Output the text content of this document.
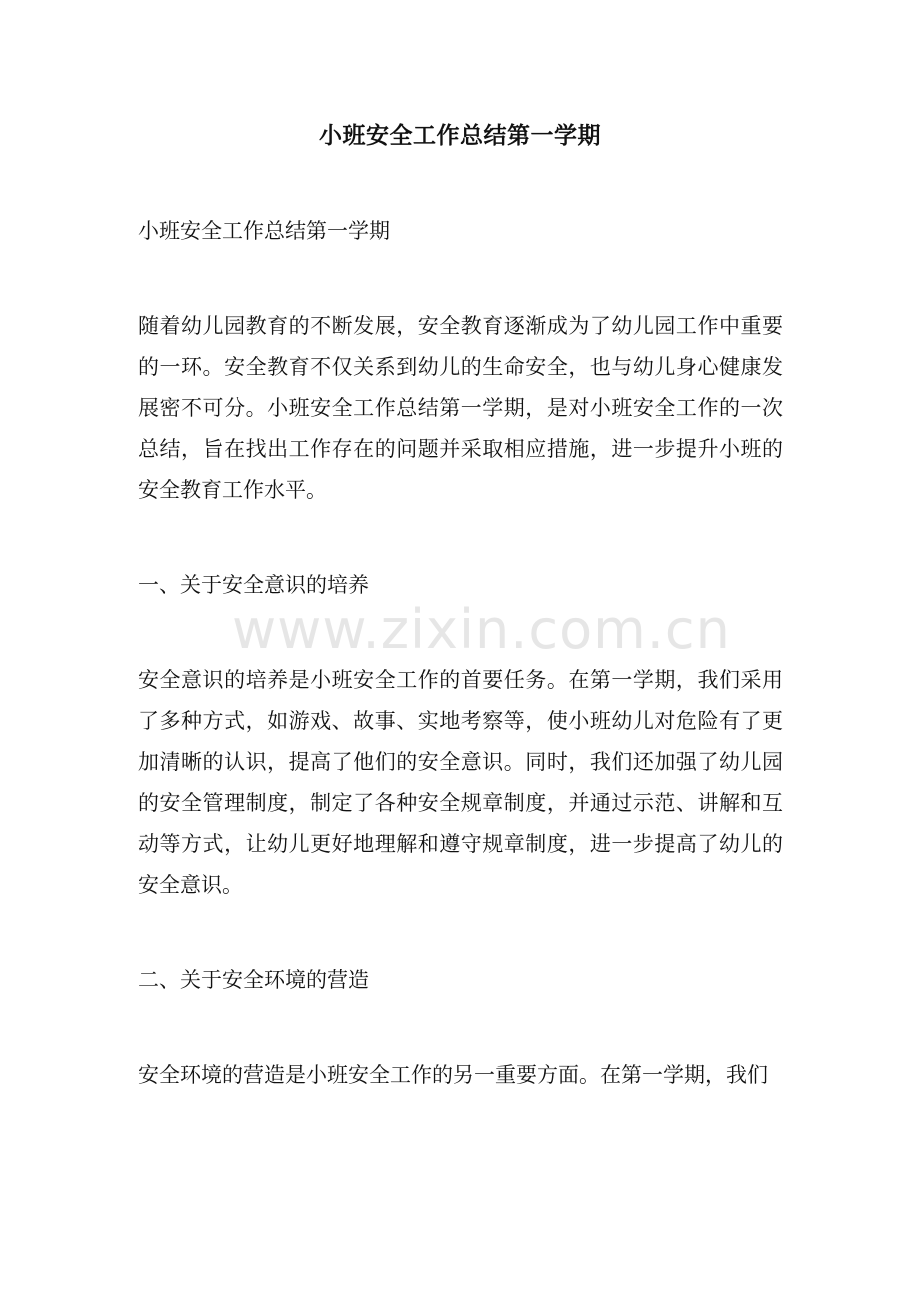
www.zixin.com.cn
小班安全工作总结第一学期

小班安全工作总结第一学期

随着幼儿园教育的不断发展，安全教育逐渐成为了幼儿园工作中重要的一环。安全教育不仅关系到幼儿的生命安全，也与幼儿身心健康发展密不可分。小班安全工作总结第一学期，是对小班安全工作的一次总结，旨在找出工作存在的问题并采取相应措施，进一步提升小班的安全教育工作水平。

一、关于安全意识的培养

安全意识的培养是小班安全工作的首要任务。在第一学期，我们采用了多种方式，如游戏、故事、实地考察等，使小班幼儿对危险有了更加清晰的认识，提高了他们的安全意识。同时，我们还加强了幼儿园的安全管理制度，制定了各种安全规章制度，并通过示范、讲解和互动等方式，让幼儿更好地理解和遵守规章制度，进一步提高了幼儿的安全意识。

二、关于安全环境的营造

安全环境的营造是小班安全工作的另一重要方面。在第一学期，我们
